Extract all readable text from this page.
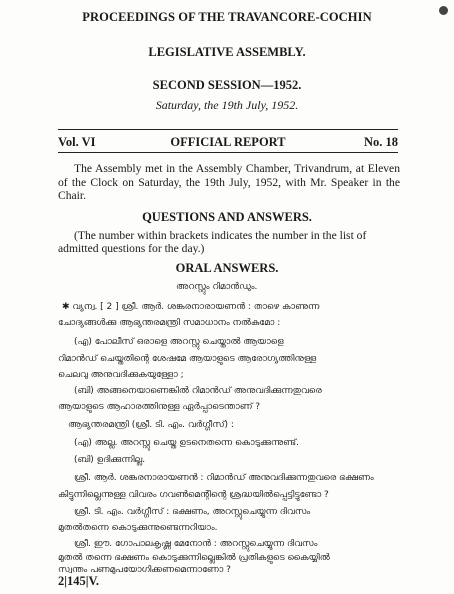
PROCEEDINGS OF THE TRAVANCORE-COCHIN
LEGISLATIVE ASSEMBLY.
SECOND SESSION—1952.
Saturday, the 19th July, 1952.
OFFICIAL REPORT
Vol. VI	No. 18
The Assembly met in the Assembly Chamber, Trivandrum, at Eleven of the Clock on Saturday, the 19th July, 1952, with Mr. Speaker in the Chair.
QUESTIONS AND ANSWERS.
(The number within brackets indicates the number in the list of admitted questions for the day.)
ORAL ANSWERS.
അറസ്റ്റും റിമാൻഡും.
✱ വ്യന്വ. [ 2 ] ശ്രീ. ആർ. ശങ്കരനാരായണൻ : താഴെ കാണുന്ന
ചോദ്യങ്ങൾക്കു ആഭ്യന്തരമന്ത്രി സമാധാനം നൽകുമോ :
(എ) പോലീസ് ഒരാളെ അറസ്റ്റു ചെയ്താൽ ആയാളെ
റിമാൻഡ് ചെയ്തതിന്റെ ശേഷമേ ആയാളുടെ ആരോഗ്യത്തിനുള്ള
ചെലവു അനുവദിക്കുകയുള്ളോ ;
(ബി) അങ്ങനെയാണെങ്കിൽ റിമാൻഡ് അനുവദിക്കുന്നതുവരെ
ആയാളുടെ ആഹാരത്തിനുള്ള ഏർപ്പാടെന്താണ് ?
ആഭ്യന്തരമന്ത്രി (ശ്രീ. ടി. എം. വർഗ്ഗീസ്) :
(എ) അല്ല. അറസ്റ്റു ചെയ്ത ഉടനെതന്നെ കൊടുക്കുന്നുണ്ട്.
(ബി) ഉദിക്കുന്നില്ല.
ശ്രീ. ആർ. ശങ്കരനാരായണൻ : റിമാൻഡ് അനുവദിക്കുന്നതുവരെ ഭക്ഷണം
കിട്ടുന്നില്ലെന്നുള്ള വിവരം ഗവൺമെന്റിന്റെ ശ്രദ്ധയിൽപ്പെട്ടിട്ടുണ്ടോ ?
ശ്രീ. ടി. എം. വർഗ്ഗീസ് : ഭക്ഷണം, അറസ്റ്റുചെയ്യുന്ന ദിവസം
മുതൽതന്നെ കൊടുക്കുന്നുണ്ടെന്നറിയാം.
ശ്രീ. ഈ. ഗോപാലകൃഷ്ണ മേനോൻ : അറസ്റ്റുചെയ്യുന്ന ദിവസം
മുതൽ തന്നെ ഭക്ഷണം കൊടുക്കുന്നില്ലെങ്കിൽ പ്രതികളുടെ കൈയ്യിൽ
സ്വന്തം പണമുപയോഗിക്കണമെന്നാണോ ?
2|145|V.
